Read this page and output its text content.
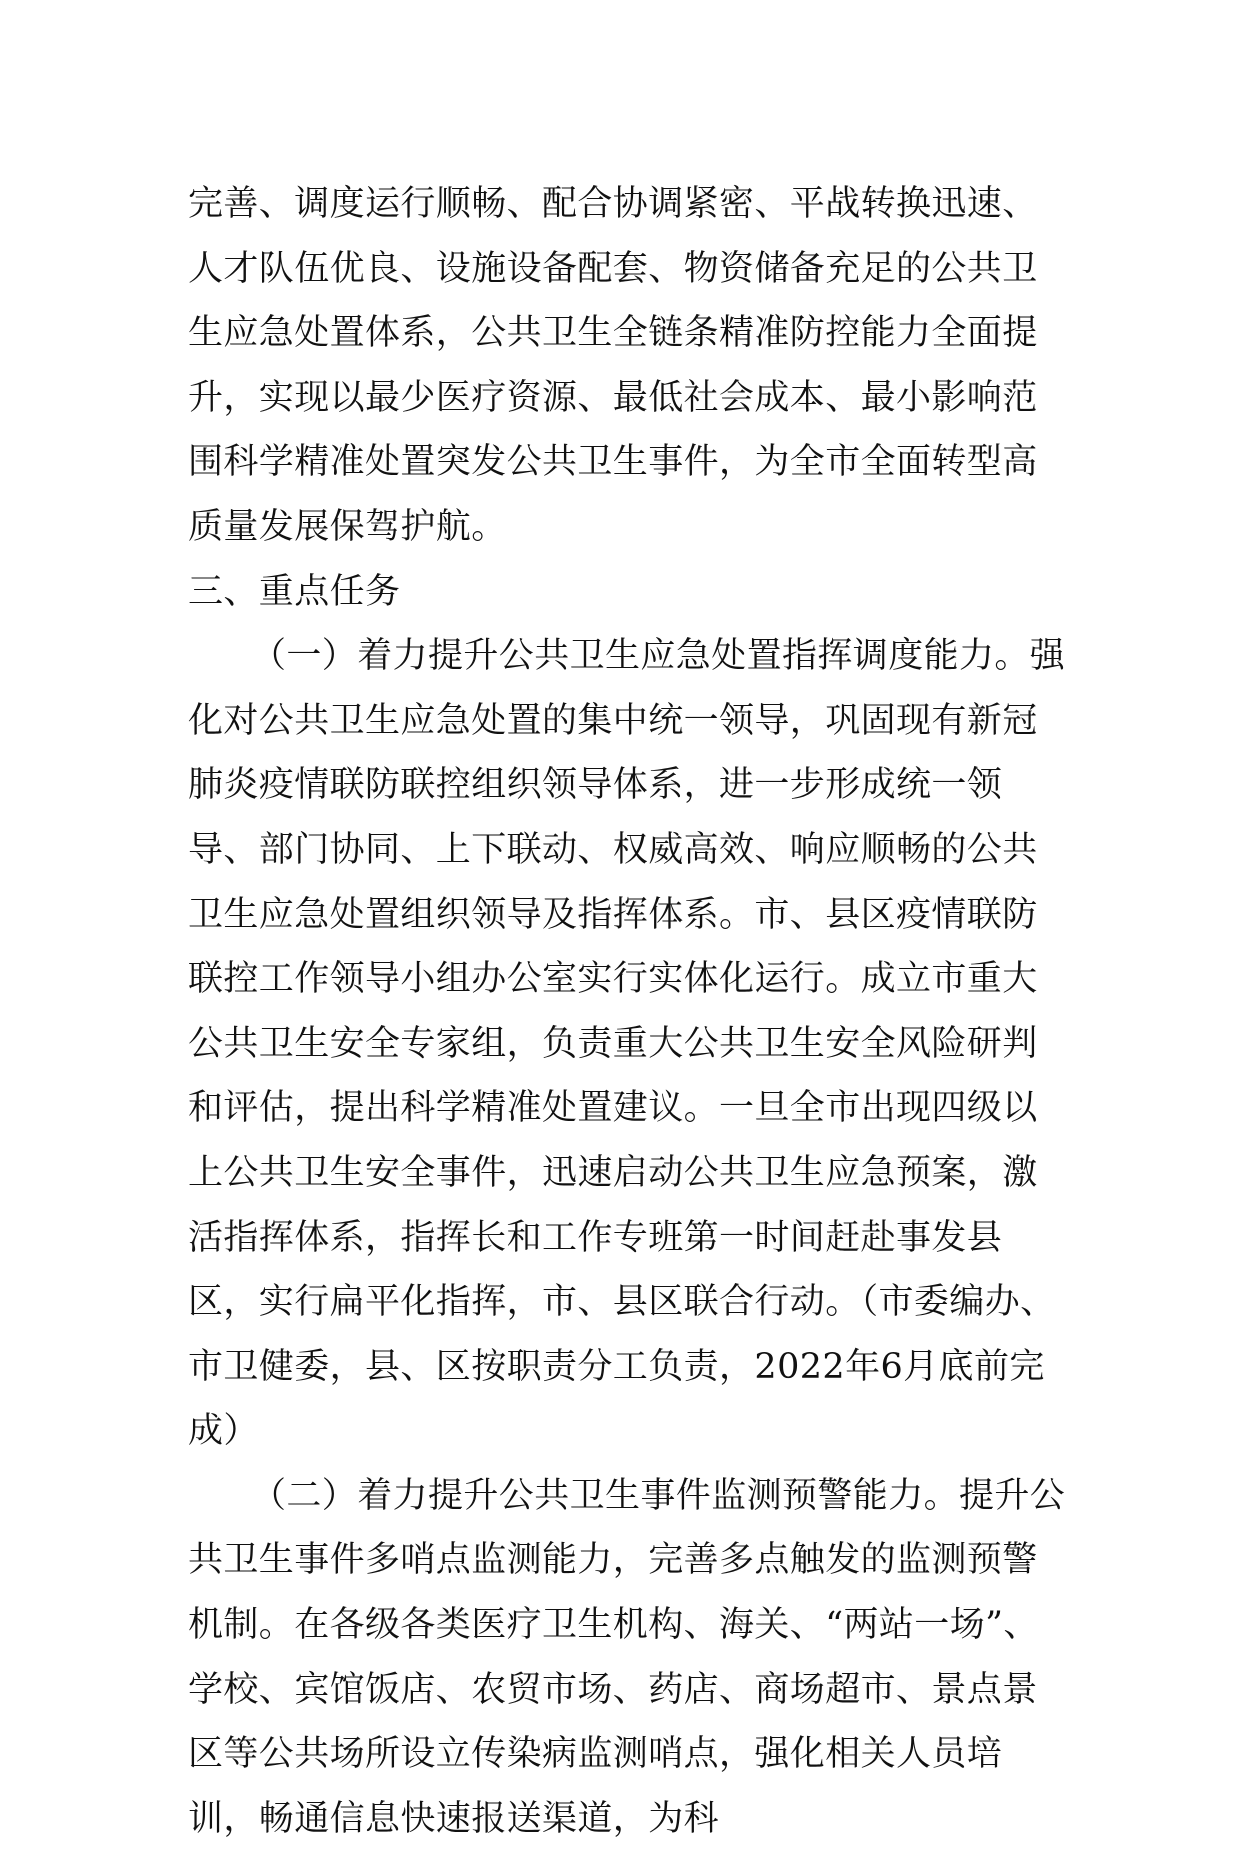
完善、调度运行顺畅、配合协调紧密、平战转换迅速、人才队伍优良、设施设备配套、物资储备充足的公共卫生应急处置体系，公共卫生全链条精准防控能力全面提升，实现以最少医疗资源、最低社会成本、最小影响范围科学精准处置突发公共卫生事件，为全市全面转型高质量发展保驾护航。

三、重点任务

（一）着力提升公共卫生应急处置指挥调度能力。强化对公共卫生应急处置的集中统一领导，巩固现有新冠肺炎疫情联防联控组织领导体系，进一步形成统一领导、部门协同、上下联动、权威高效、响应顺畅的公共卫生应急处置组织领导及指挥体系。市、县区疫情联防联控工作领导小组办公室实行实体化运行。成立市重大公共卫生安全专家组，负责重大公共卫生安全风险研判和评估，提出科学精准处置建议。一旦全市出现四级以上公共卫生安全事件，迅速启动公共卫生应急预案，激活指挥体系，指挥长和工作专班第一时间赶赴事发县区，实行扁平化指挥，市、县区联合行动。（市委编办、市卫健委，县、区按职责分工负责，2022年6月底前完成）

（二）着力提升公共卫生事件监测预警能力。提升公共卫生事件多哨点监测能力，完善多点触发的监测预警机制。在各级各类医疗卫生机构、海关、“两站一场”、学校、宾馆饭店、农贸市场、药店、商场超市、景点景区等公共场所设立传染病监测哨点，强化相关人员培训，畅通信息快速报送渠道，为科
